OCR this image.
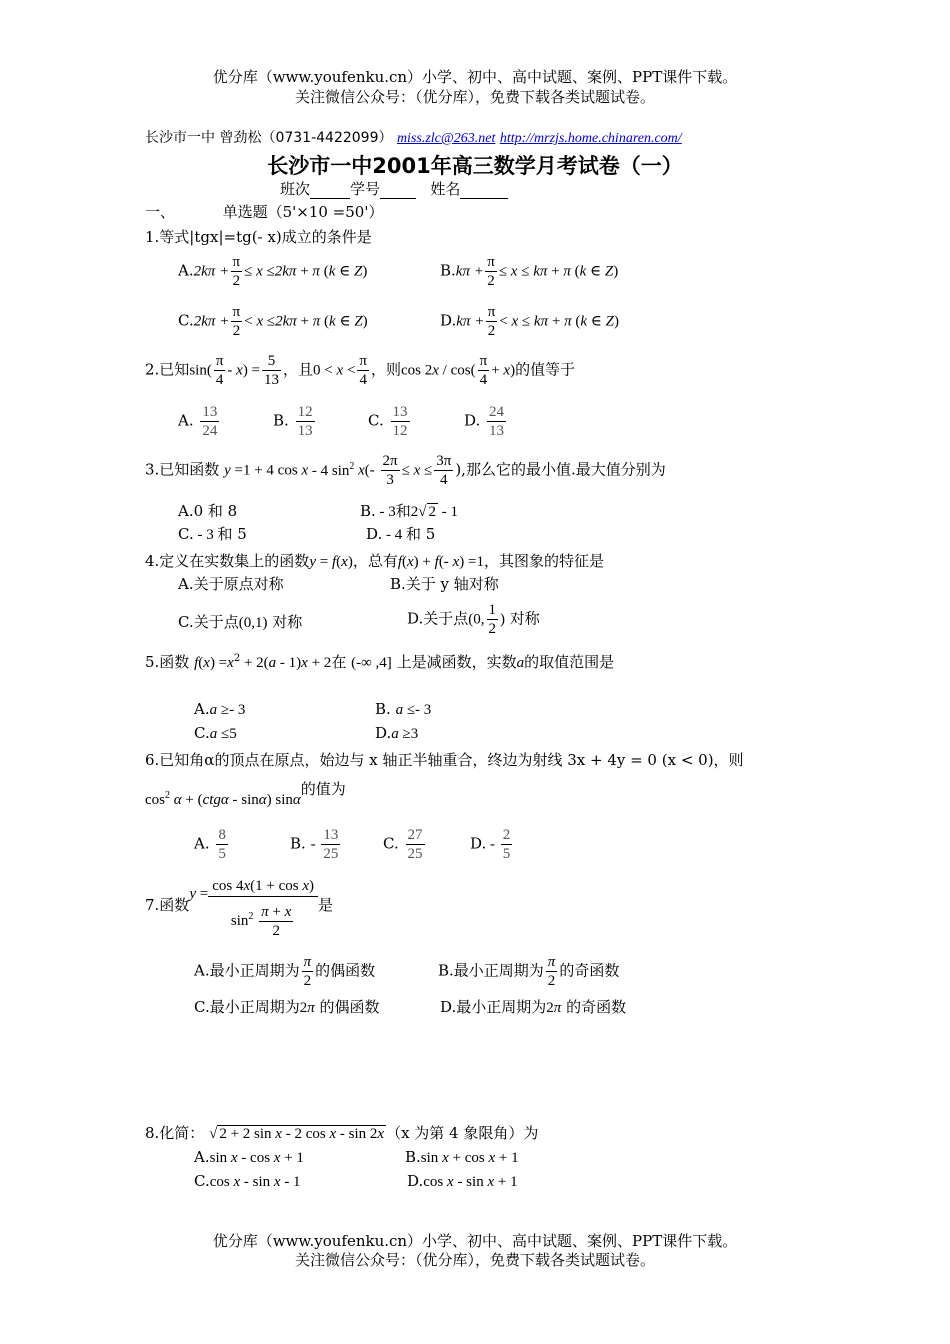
优分库（www.youfenku.cn）小学、初中、高中试题、案例、PPT课件下载。
关注微信公众号：（优分库），免费下载各类试题试卷。
长沙市一中 曾劲松（0731-4422099） miss.zlc@263.net http://mrzjs.home.chinaren.com/
长沙市一中2001年高三数学月考试卷（一）
班次	学号	姓名
一、	单选题（5'×10 =50'）
1.等式|tgx|=tg(- x)成立的条件是
$A.2k\pi + \frac{\pi}{2} \le x \le 2k\pi + \pi$ (k ∈ Z)	$B.k\pi + \frac{\pi}{2} \le x \le k\pi + \pi$ (k ∈ Z)
$C.2k\pi + \frac{\pi}{2} < x \le 2k\pi + \pi$ (k ∈ Z)	$D.k\pi + \frac{\pi}{2} < x \le k\pi + \pi$ (k ∈ Z)
2.已知$\sin( \frac{\pi}{4} - x) = \frac{5}{13}$ ，且$0 < x < \frac{\pi}{4}$ ，则$\cos 2x / \cos( \frac{\pi}{4} + x)$的值等于
A. $\frac{13}{24}$	B. $\frac{12}{13}$	C. $\frac{13}{12}$	D. $\frac{24}{13}$
3.已知函数 y =1 + 4 cos x - 4 $\sin^2 x(- \frac{2\pi}{3} \le x \le \frac{3\pi}{4}$ ),那么它的最小值.最大值分别为
A.0 和 8	B. - 3和2√ 2 - 1
C. - 3 和 5	D. - 4 和 5
4.定义在实数集上的函数y = f(x)，总有f(x) + f(- x) =1，其图象的特征是
A.关于原点对称	B.关于 y 轴对称
C.关于点(0,1) 对称	D.关于点(0, $\frac{1}{2}$ ) 对称
5.函数 $f(x) =x^2 + 2(a - 1)x + 2$在 (-∞ ,4] 上是减函数，实数a的取值范围是
A.a ≥- 3	B. a ≤- 3
C.a ≤5	D.a ≥3
6.已知角α的顶点在原点，始边与 x 轴正半轴重合，终边为射线 3x + 4y = 0 (x < 0)，则
$\cos^2 \alpha + (ctg\alpha - \sin\alpha)$ sinα的值为
A. $\frac{8}{5}$	B. - $\frac{13}{25}$	C. $\frac{27}{25}$	D. - $\frac{2}{5}$
7.函数$y = \frac{\text{cos 4x(1 + cos x)}}{\sin^2 \frac{\pi + x}{2}}$ 是
A.最小正周期为 $\frac{\pi}{2}$ 的偶函数	B.最小正周期为 $\frac{\pi}{2}$ 的奇函数
C.最小正周期为2π 的偶函数	D.最小正周期为2π 的奇函数
8.化简： √ 2 + 2 sin x - 2 cos x - sin 2x （x 为第 4 象限角）为
A.sin x - cos x + 1	B.sin x + cos x + 1
C.cos x - sin x - 1	D.cos x - sin x + 1
优分库（www.youfenku.cn）小学、初中、高中试题、案例、PPT课件下载。
关注微信公众号：（优分库），免费下载各类试题试卷。
